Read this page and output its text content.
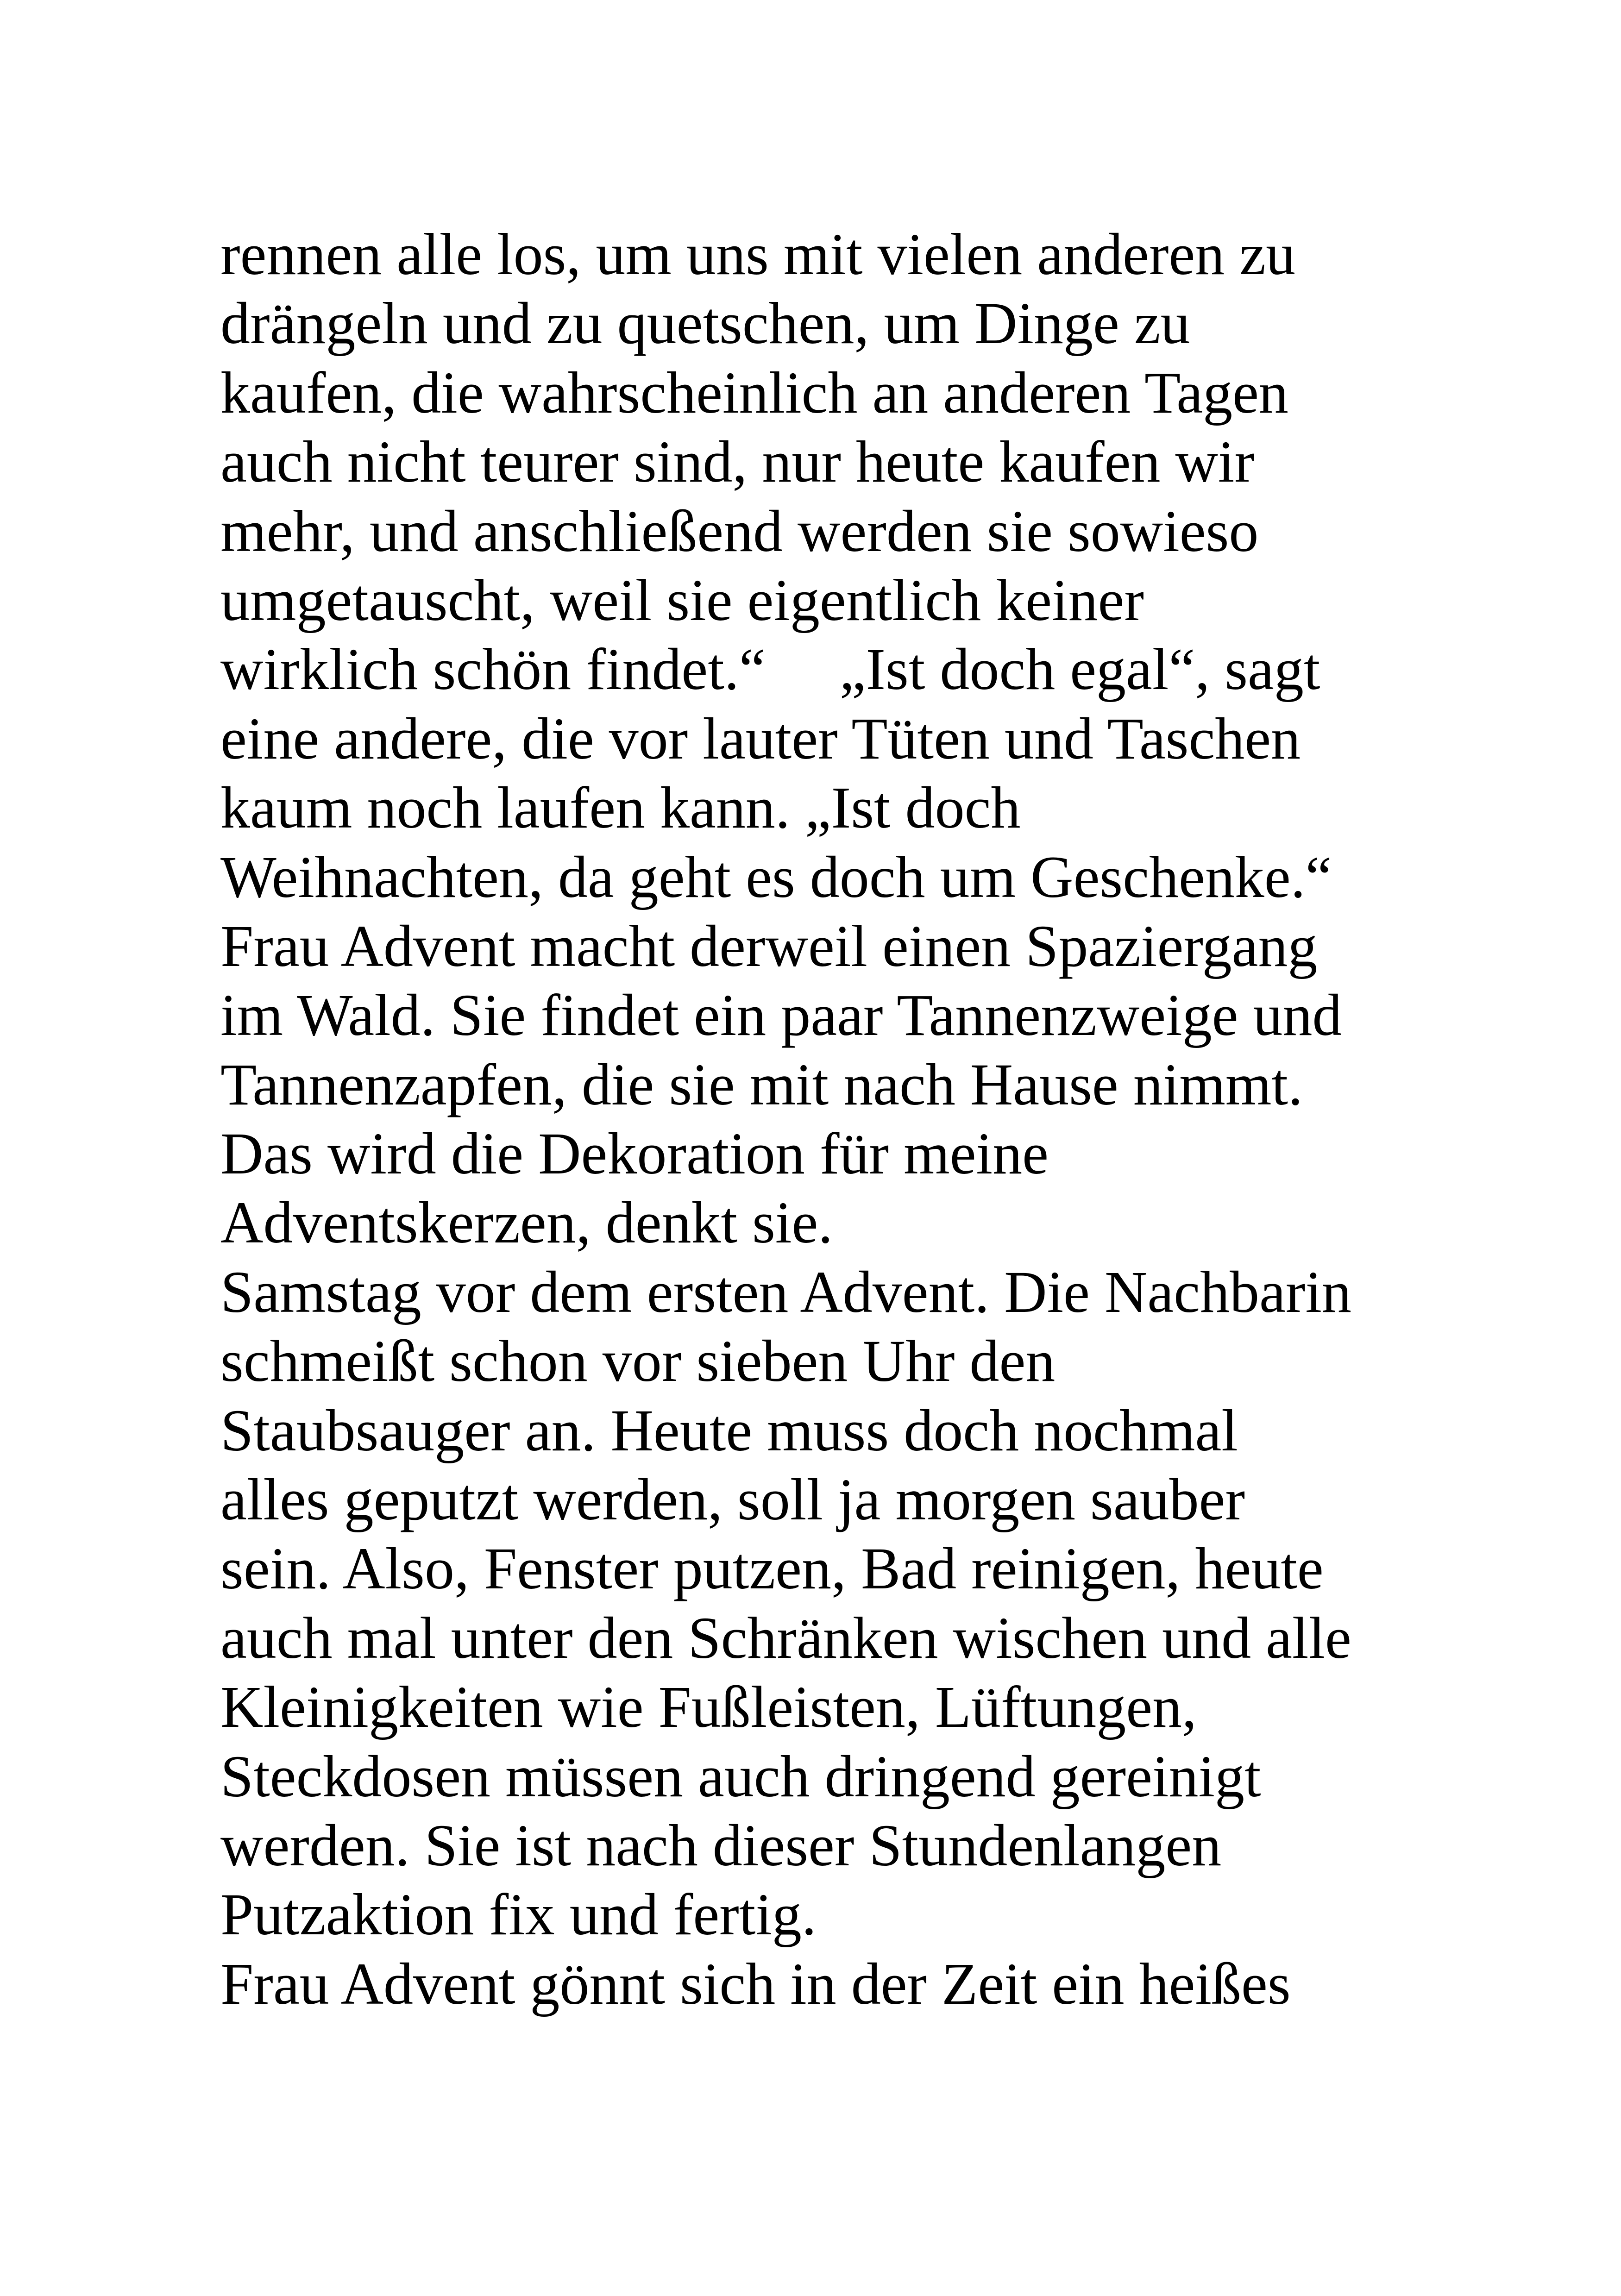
rennen alle los, um uns mit vielen anderen zu
drängeln und zu quetschen, um Dinge zu
kaufen, die wahrscheinlich an anderen Tagen
auch nicht teurer sind, nur heute kaufen wir
mehr, und anschließend werden sie sowieso
umgetauscht, weil sie eigentlich keiner
wirklich schön findet.“     „Ist doch egal“, sagt
eine andere, die vor lauter Tüten und Taschen
kaum noch laufen kann. „Ist doch
Weihnachten, da geht es doch um Geschenke.“
Frau Advent macht derweil einen Spaziergang
im Wald. Sie findet ein paar Tannenzweige und
Tannenzapfen, die sie mit nach Hause nimmt.
Das wird die Dekoration für meine
Adventskerzen, denkt sie.
Samstag vor dem ersten Advent. Die Nachbarin
schmeißt schon vor sieben Uhr den
Staubsauger an. Heute muss doch nochmal
alles geputzt werden, soll ja morgen sauber
sein. Also, Fenster putzen, Bad reinigen, heute
auch mal unter den Schränken wischen und alle
Kleinigkeiten wie Fußleisten, Lüftungen,
Steckdosen müssen auch dringend gereinigt
werden. Sie ist nach dieser Stundenlangen
Putzaktion fix und fertig.
Frau Advent gönnt sich in der Zeit ein heißes
